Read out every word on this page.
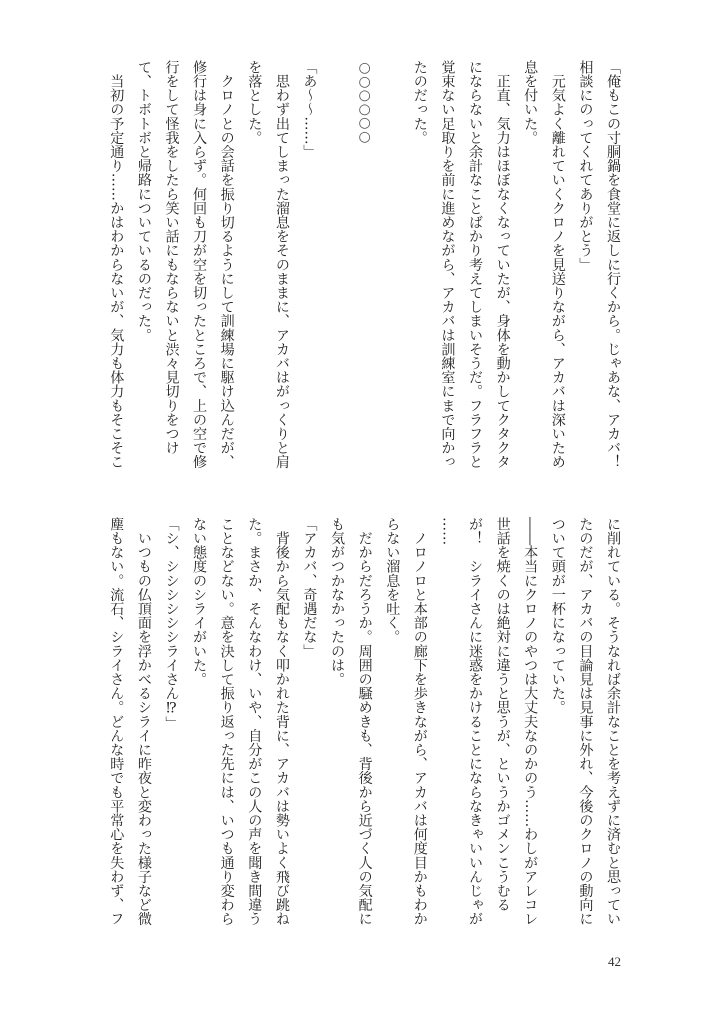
「俺もこの寸胴鍋を食堂に返しに行くから。じゃあな、アカバ！
相談にのってくれてありがとう」
　元気よく離れていくクロノを見送りながら、アカバは深いため
息を付いた。
　正直、気力はほぼなくなっていたが、身体を動かしてクタクタ
にならないと余計なことばかり考えてしまいそうだ。フラフラと
覚束ない足取りを前に進めながら、アカバは訓練室にまで向かっ
たのだった。
○○○○○○
「あ〜〜……」
　思わず出てしまった溜息をそのままに、アカバはがっくりと肩
を落とした。
　クロノとの会話を振り切るようにして訓練場に駆け込んだが、
修行は身に入らず。何回も刀が空を切ったところで、上の空で修
行をして怪我をしたら笑い話にもならないと渋々見切りをつけ
て、トボトボと帰路についているのだった。
　当初の予定通り……かはわからないが、気力も体力もそこそこ
に削れている。そうなれば余計なことを考えずに済むと思ってい
たのだが、アカバの目論見は見事に外れ、今後のクロノの動向に
ついて頭が一杯になっていた。
――本当にクロノのやつは大丈夫なのかのう……わしがアレコレ
世話を焼くのは絶対に違うと思うが、というかゴメンこうむる
が！　シライさんに迷惑をかけることにならなきゃいいんじゃが
……
　ノロノロと本部の廊下を歩きながら、アカバは何度目かもわか
らない溜息を吐く。
　だからだろうか。周囲の騒めきも、背後から近づく人の気配に
も気がつかなかったのは。
「アカバ、奇遇だな」
　背後から気配もなく叩かれた背に、アカバは勢いよく飛び跳ね
た。まさか、そんなわけ、いや、自分がこの人の声を聞き間違う
ことなどない。意を決して振り返った先には、いつも通り変わら
ない態度のシライがいた。
「シ、シシシシシシライさん⁉」
　いつもの仏頂面を浮かべるシライに昨夜と変わった様子など微
塵もない。流石、シライさん。どんな時でも平常心を失わず、フ
42
